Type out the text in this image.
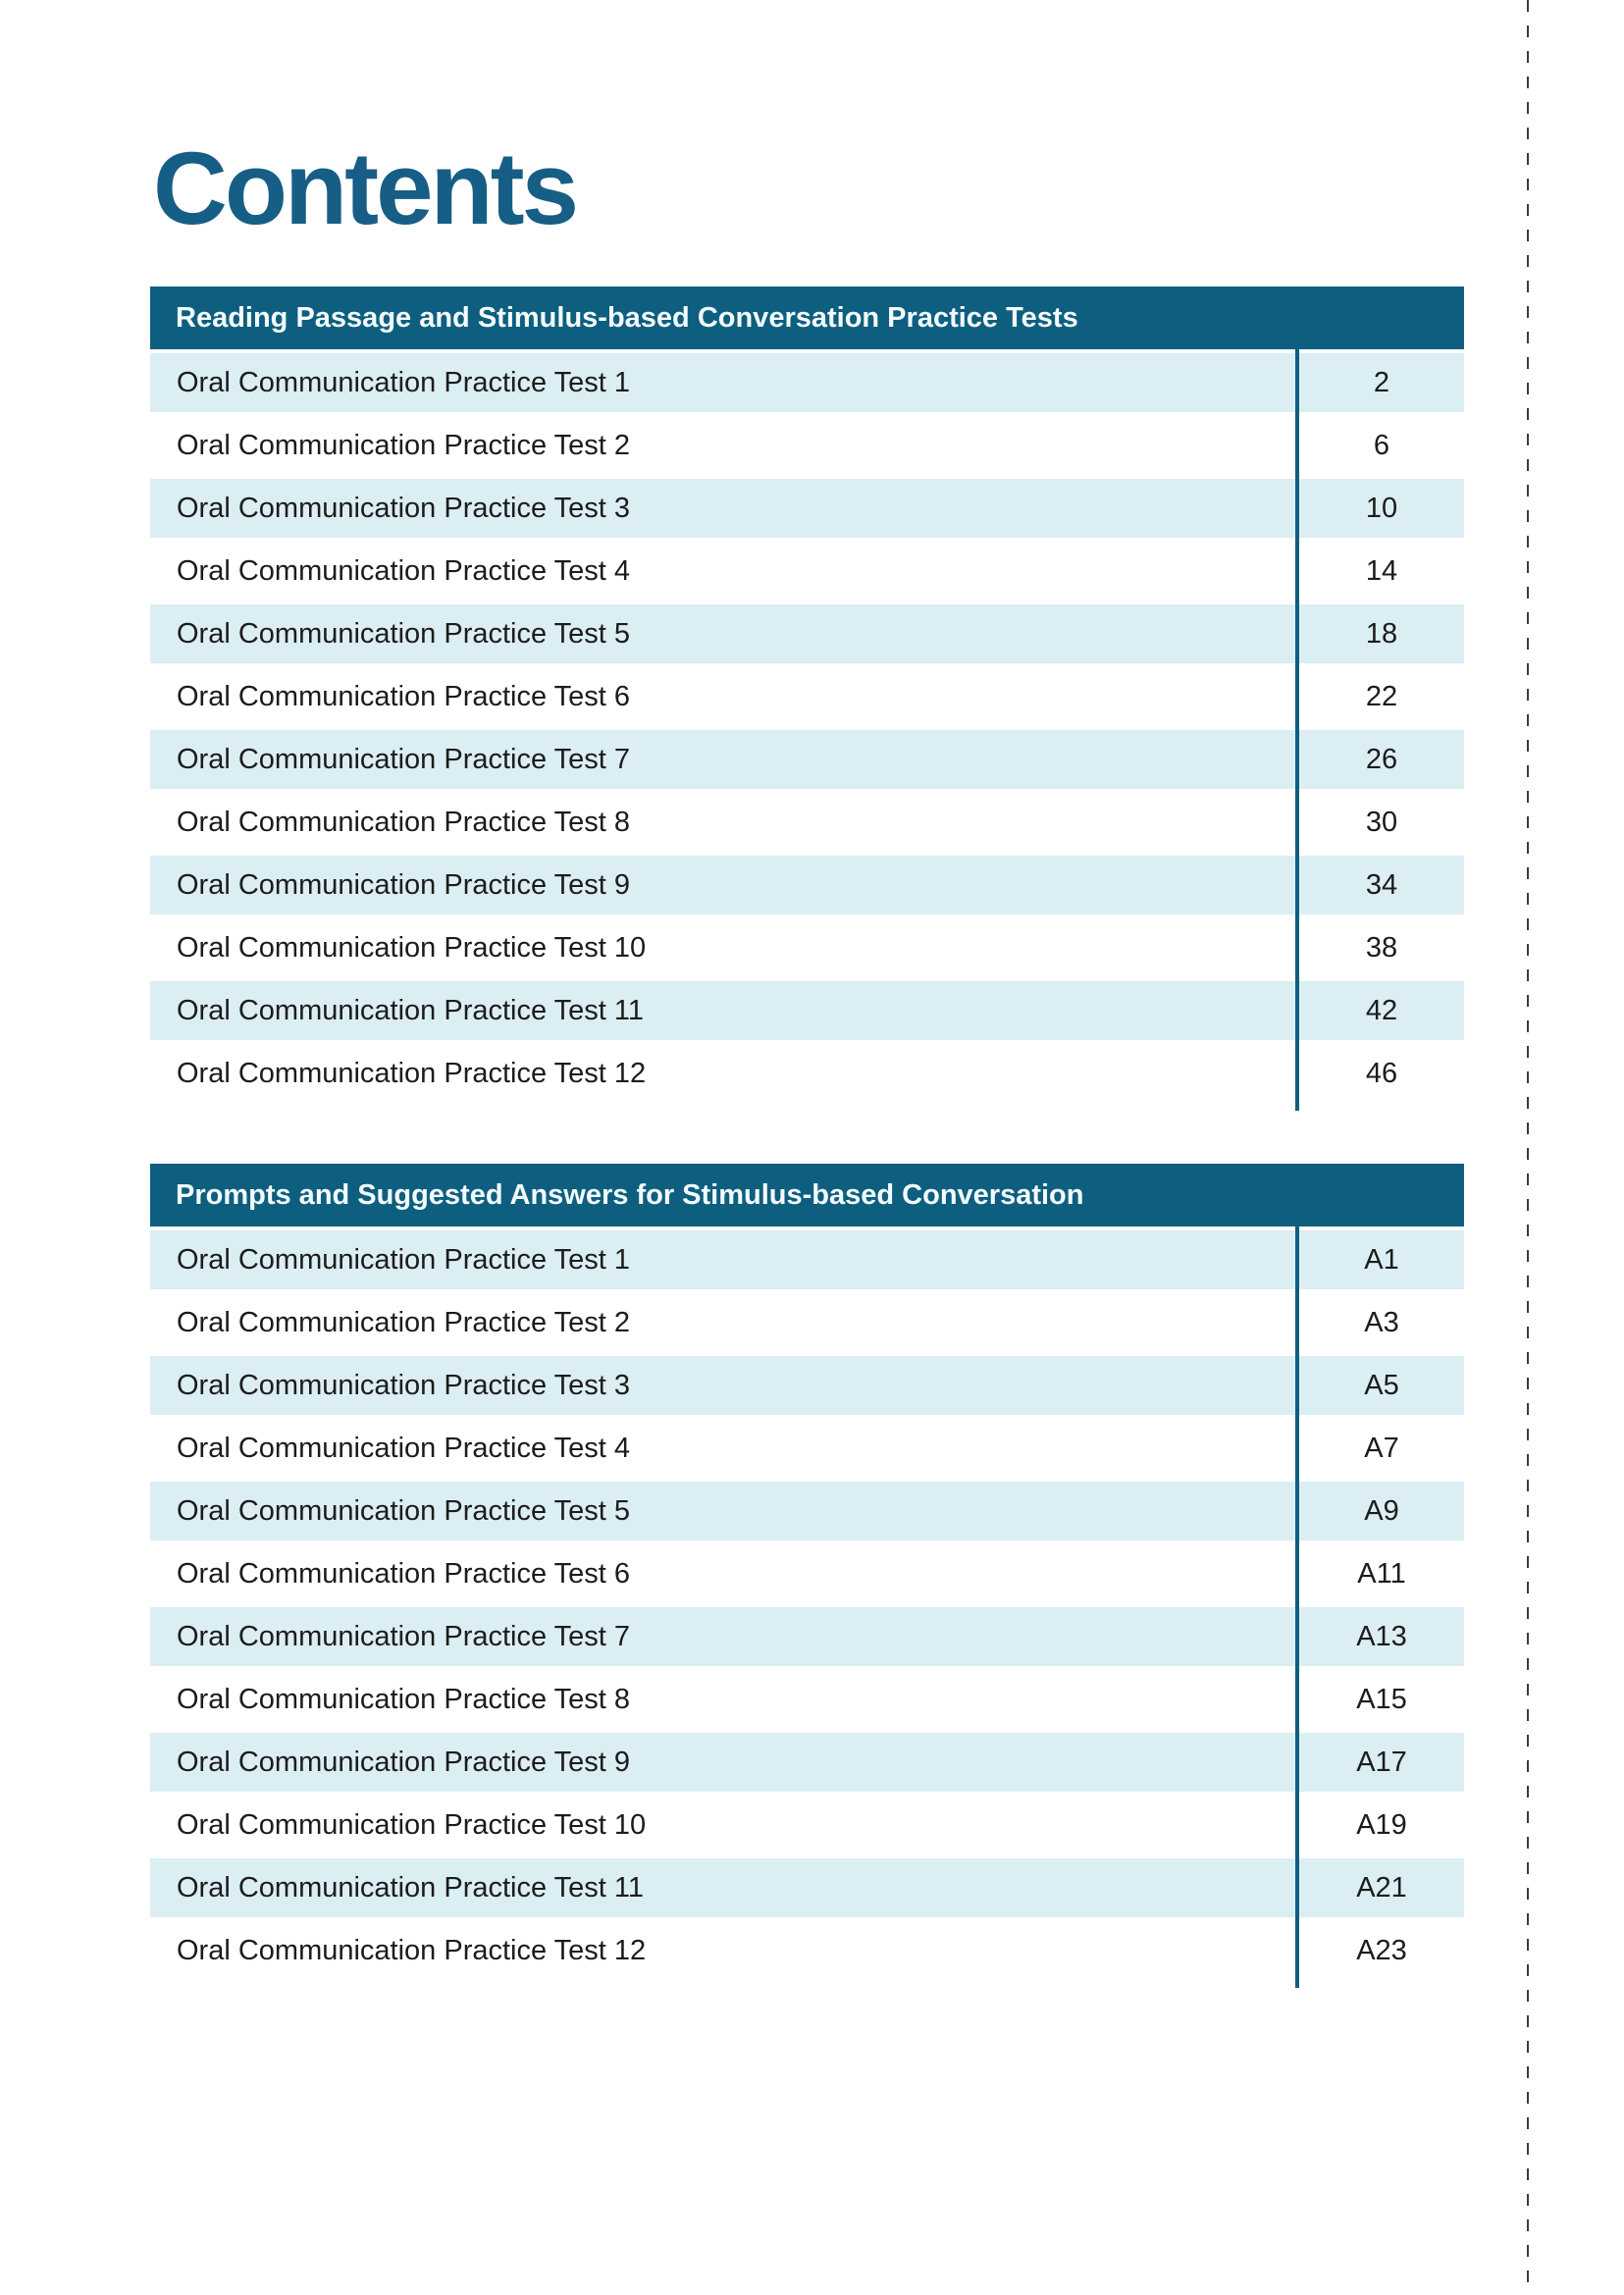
Contents
Reading Passage and Stimulus-based Conversation Practice Tests
Oral Communication Practice Test 1	2
Oral Communication Practice Test 2	6
Oral Communication Practice Test 3	10
Oral Communication Practice Test 4	14
Oral Communication Practice Test 5	18
Oral Communication Practice Test 6	22
Oral Communication Practice Test 7	26
Oral Communication Practice Test 8	30
Oral Communication Practice Test 9	34
Oral Communication Practice Test 10	38
Oral Communication Practice Test 11	42
Oral Communication Practice Test 12	46
Prompts and Suggested Answers for Stimulus-based Conversation
Oral Communication Practice Test 1	A1
Oral Communication Practice Test 2	A3
Oral Communication Practice Test 3	A5
Oral Communication Practice Test 4	A7
Oral Communication Practice Test 5	A9
Oral Communication Practice Test 6	A11
Oral Communication Practice Test 7	A13
Oral Communication Practice Test 8	A15
Oral Communication Practice Test 9	A17
Oral Communication Practice Test 10	A19
Oral Communication Practice Test 11	A21
Oral Communication Practice Test 12	A23
